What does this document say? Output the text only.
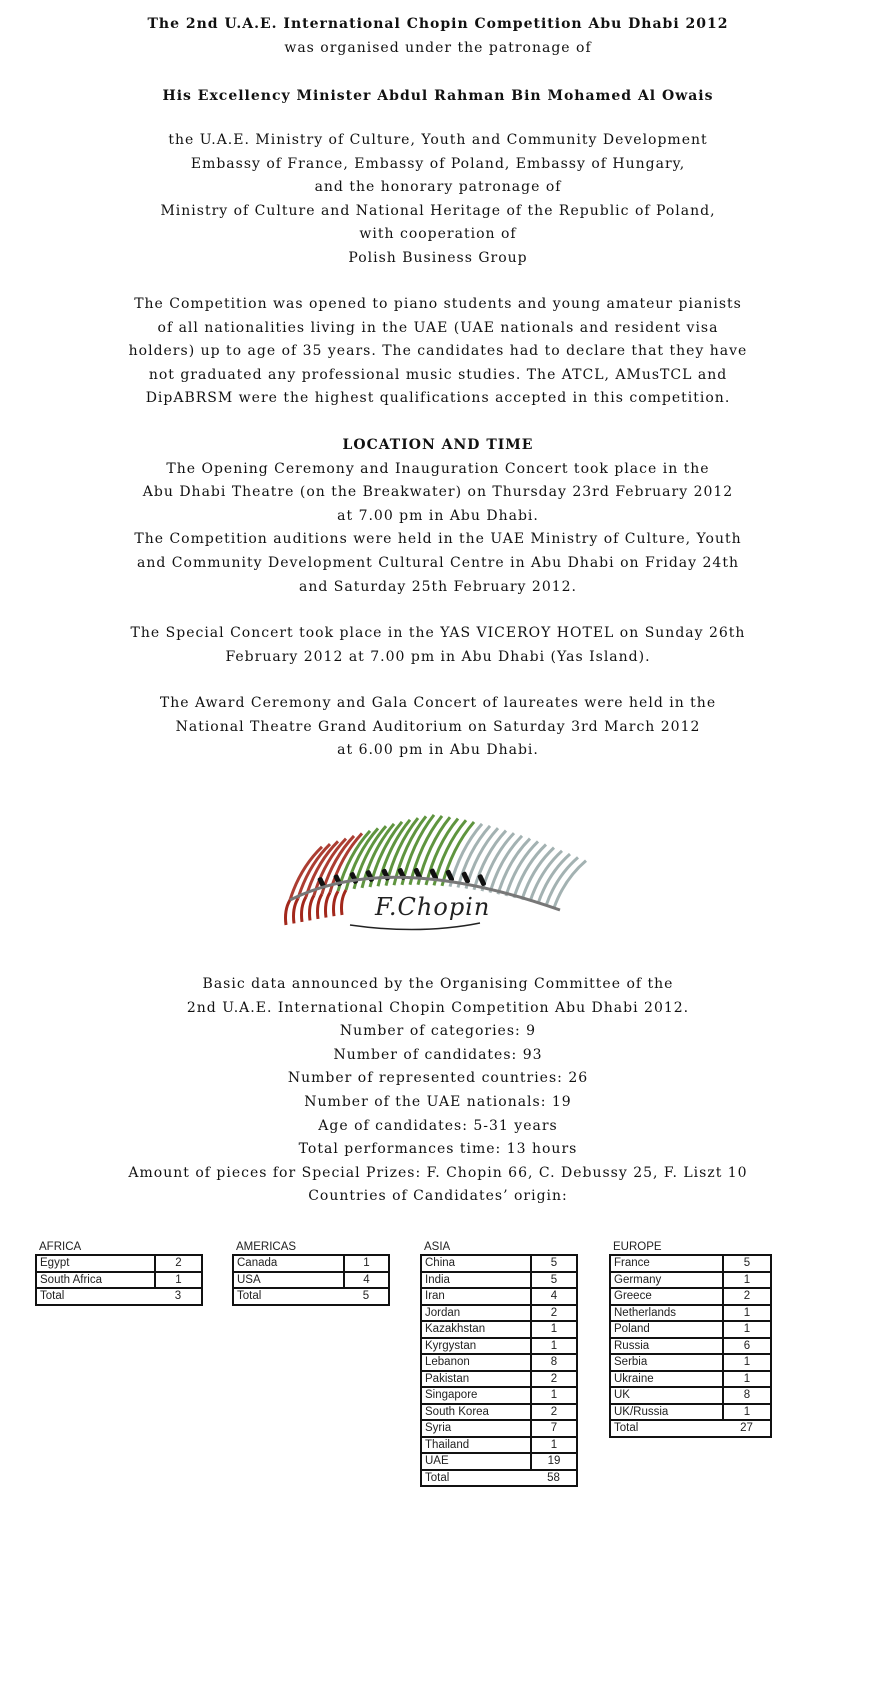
The 2nd U.A.E. International Chopin Competition Abu Dhabi 2012
was organised under the patronage of
His Excellency Minister Abdul Rahman Bin Mohamed Al Owais
the U.A.E. Ministry of Culture, Youth and Community Development
Embassy of France, Embassy of Poland, Embassy of Hungary,
and the honorary patronage of
Ministry of Culture and National Heritage of the Republic of Poland,
with cooperation of
Polish Business Group
The Competition was opened to piano students and young amateur pianists
of all nationalities living in the UAE (UAE nationals and resident visa
holders) up to age of 35 years. The candidates had to declare that they have
not graduated any professional music studies. The ATCL, AMusTCL and
DipABRSM were the highest qualifications accepted in this competition.
LOCATION AND TIME
The Opening Ceremony and Inauguration Concert took place in the
Abu Dhabi Theatre (on the Breakwater) on Thursday 23rd February 2012
at 7.00 pm in Abu Dhabi.
The Competition auditions were held in the UAE Ministry of Culture, Youth
and Community Development Cultural Centre in Abu Dhabi on Friday 24th
and Saturday 25th February 2012.
The Special Concert took place in the YAS VICEROY HOTEL on Sunday 26th
February 2012 at 7.00 pm in Abu Dhabi (Yas Island).
The Award Ceremony and Gala Concert of laureates were held in the
National Theatre Grand Auditorium on Saturday 3rd March 2012
at 6.00 pm in Abu Dhabi.
F.Chopin
Basic data announced by the Organising Committee of the
2nd U.A.E. International Chopin Competition Abu Dhabi 2012.
Number of categories: 9
Number of candidates: 93
Number of represented countries: 26
Number of the UAE nationals: 19
Age of candidates: 5-31 years
Total performances time: 13 hours
Amount of pieces for Special Prizes: F. Chopin 66, C. Debussy 25, F. Liszt 10
Countries of Candidates’ origin:
AFRICA
Egypt	2
South Africa	1
Total	3
AMERICAS
Canada	1
USA	4
Total	5
ASIA
China	5
India	5
Iran	4
Jordan	2
Kazakhstan	1
Kyrgystan	1
Lebanon	8
Pakistan	2
Singapore	1
South Korea	2
Syria	7
Thailand	1
UAE	19
Total	58
EUROPE
France	5
Germany	1
Greece	2
Netherlands	1
Poland	1
Russia	6
Serbia	1
Ukraine	1
UK	8
UK/Russia	1
Total	27
